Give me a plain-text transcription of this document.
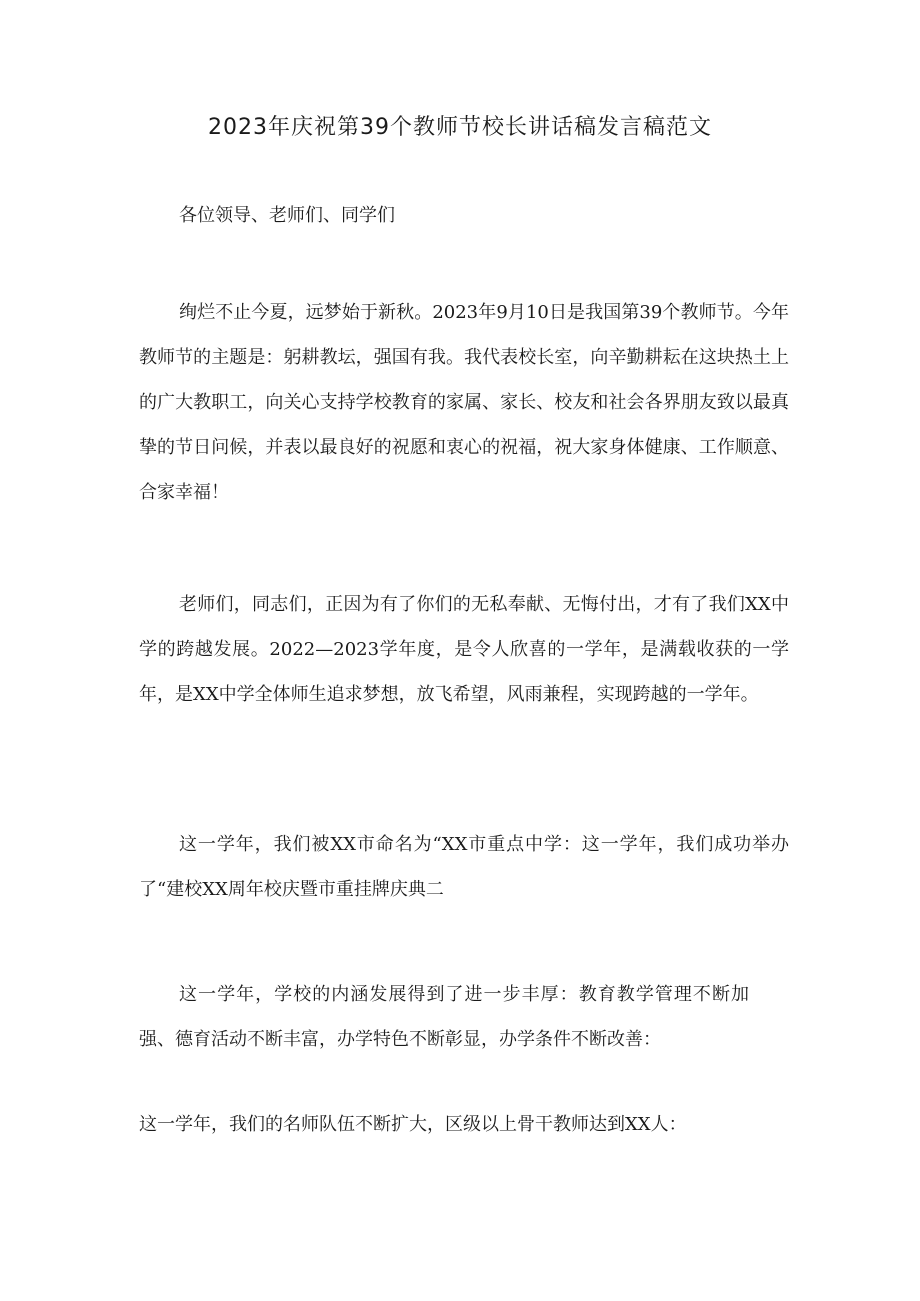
2023年庆祝第39个教师节校长讲话稿发言稿范文

各位领导、老师们、同学们

绚烂不止今夏，远梦始于新秋。2023年9月10日是我国第39个教师节。今年教师节的主题是：躬耕教坛，强国有我。我代表校长室，向辛勤耕耘在这块热土上的广大教职工，向关心支持学校教育的家属、家长、校友和社会各界朋友致以最真挚的节日问候，并表以最良好的祝愿和衷心的祝福，祝大家身体健康、工作顺意、合家幸福！

老师们，同志们，正因为有了你们的无私奉献、无悔付出，才有了我们XX中学的跨越发展。2022—2023学年度，是令人欣喜的一学年，是满载收获的一学年，是XX中学全体师生追求梦想，放飞希望，风雨兼程，实现跨越的一学年。

这一学年，我们被XX市命名为“XX市重点中学：这一学年，我们成功举办了“建校XX周年校庆暨市重挂牌庆典二

这一学年，学校的内涵发展得到了进一步丰厚：教育教学管理不断加强、德育活动不断丰富，办学特色不断彰显，办学条件不断改善：

这一学年，我们的名师队伍不断扩大，区级以上骨干教师达到XX人：
